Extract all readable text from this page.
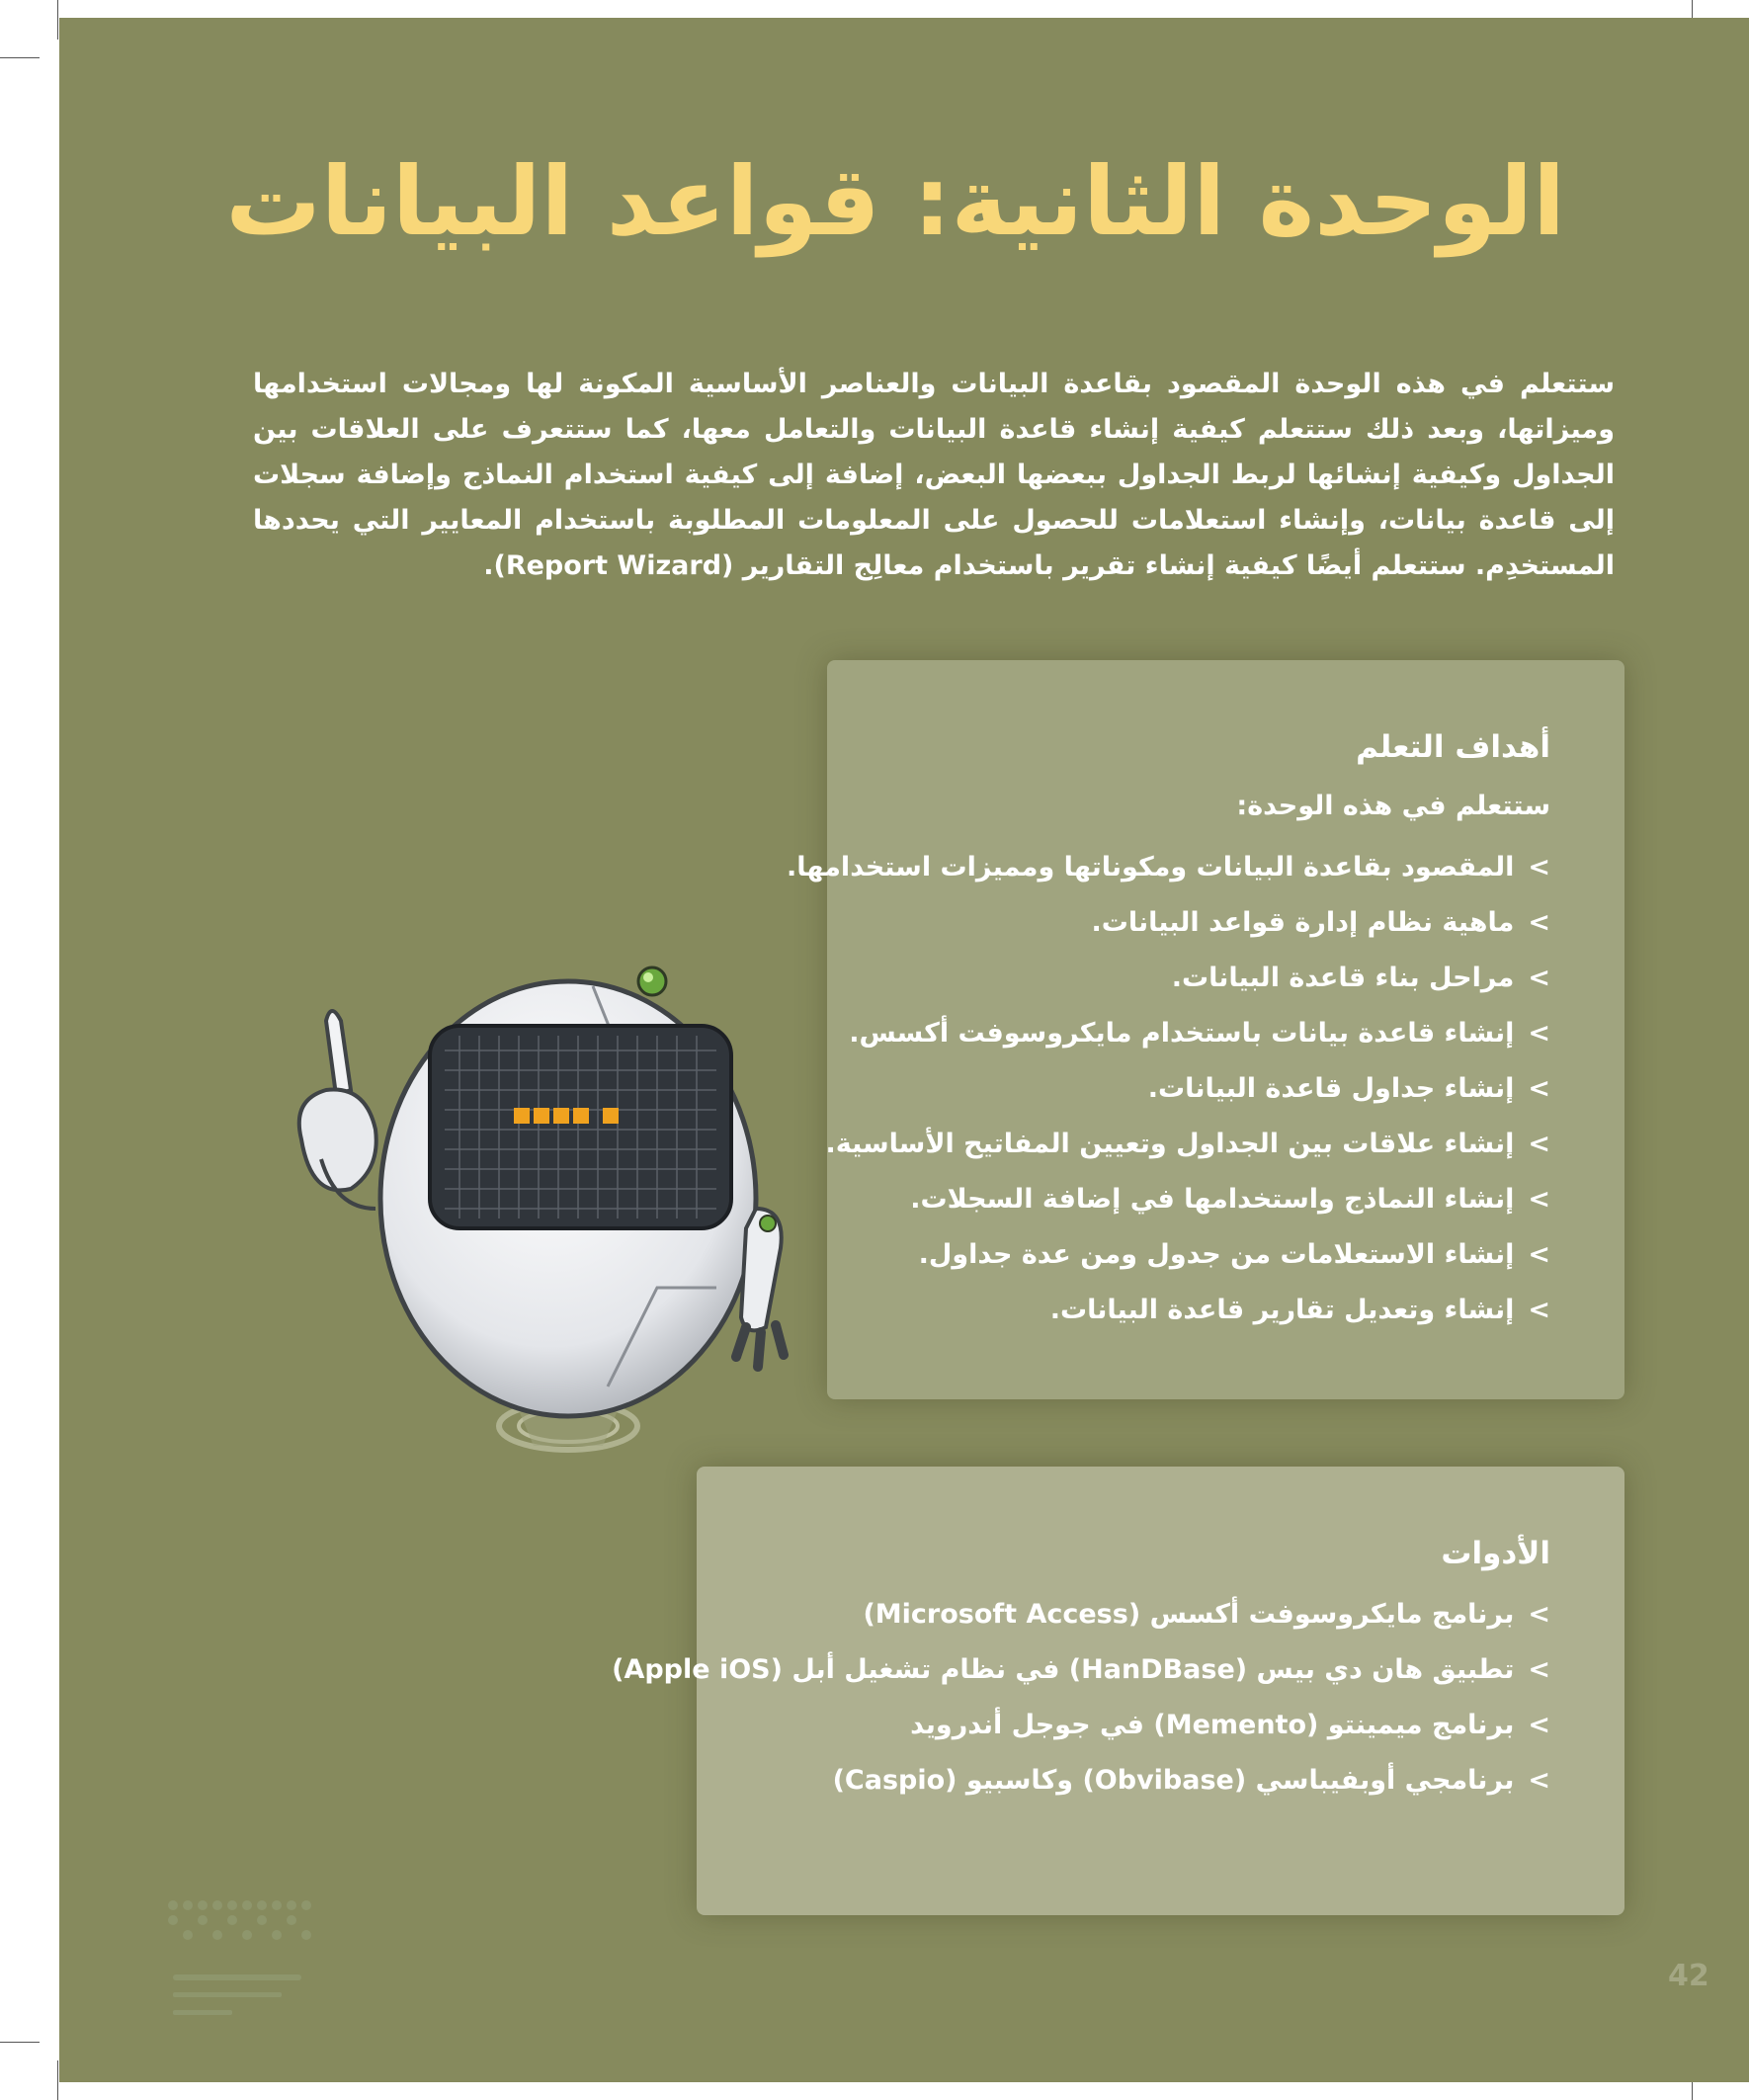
الوحدة الثانية: قواعد البيانات

ستتعلم في هذه الوحدة المقصود بقاعدة البيانات والعناصر الأساسية المكونة لها ومجالات استخدامها وميزاتها، وبعد ذلك ستتعلم كيفية إنشاء قاعدة البيانات والتعامل معها، كما ستتعرف على العلاقات بين الجداول وكيفية إنشائها لربط الجداول ببعضها البعض، إضافة إلى كيفية استخدام النماذج وإضافة سجلات إلى قاعدة بيانات، وإنشاء استعلامات للحصول على المعلومات المطلوبة باستخدام المعايير التي يحددها المستخدِم. ستتعلم أيضًا كيفية إنشاء تقرير باستخدام معالِج التقارير (Report Wizard).

أهداف التعلم

ستتعلم في هذه الوحدة:

>المقصود بقاعدة البيانات ومكوناتها ومميزات استخدامها.
>ماهية نظام إدارة قواعد البيانات.
>مراحل بناء قاعدة البيانات.
>إنشاء قاعدة بيانات باستخدام مايكروسوفت أكسس.
>إنشاء جداول قاعدة البيانات.
>إنشاء علاقات بين الجداول وتعيين المفاتيح الأساسية.
>إنشاء النماذج واستخدامها في إضافة السجلات.
>إنشاء الاستعلامات من جدول ومن عدة جداول.
>إنشاء وتعديل تقارير قاعدة البيانات.
الأدوات
>برنامج مايكروسوفت أكسس (Microsoft Access)
>تطبيق هان دي بيس (HanDBase) في نظام تشغيل أبل (Apple iOS)
>برنامج ميمينتو (Memento) في جوجل أندرويد
>برنامجي أوبفيباسي (Obvibase) وكاسبيو (Caspio)
42
